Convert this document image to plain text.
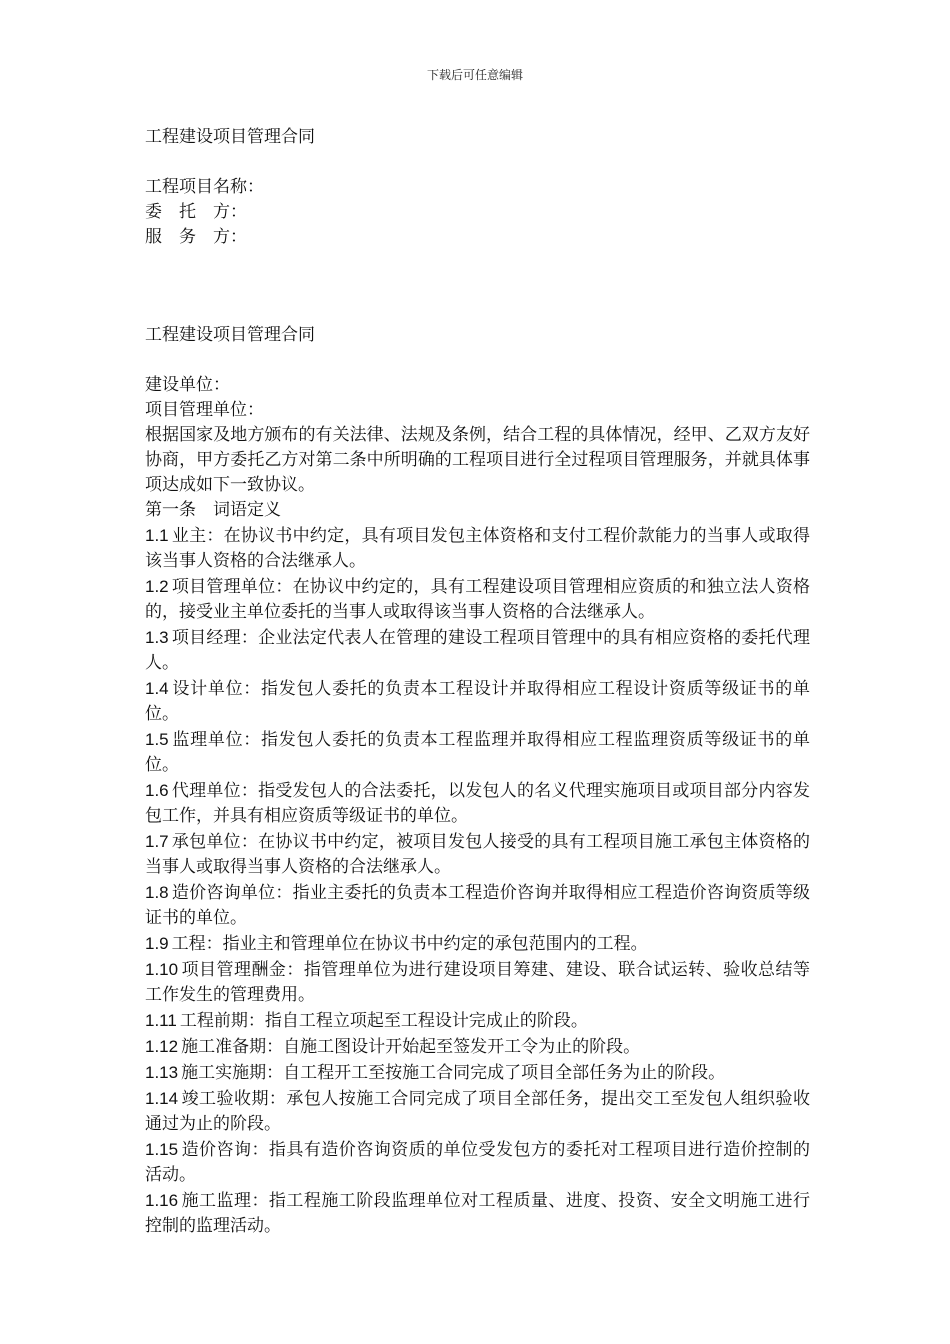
下载后可任意编辑
工程建设项目管理合同
工程项目名称：
委　托　方：
服　务　方：
工程建设项目管理合同
建设单位：
项目管理单位：
根据国家及地方颁布的有关法律、法规及条例，结合工程的具体情况，经甲、乙双方友好协商，甲方委托乙方对第二条中所明确的工程项目进行全过程项目管理服务，并就具体事项达成如下一致协议。
第一条　词语定义
1.1 业主：在协议书中约定，具有项目发包主体资格和支付工程价款能力的当事人或取得该当事人资格的合法继承人。
1.2 项目管理单位：在协议中约定的，具有工程建设项目管理相应资质的和独立法人资格的，接受业主单位委托的当事人或取得该当事人资格的合法继承人。
1.3 项目经理：企业法定代表人在管理的建设工程项目管理中的具有相应资格的委托代理人。
1.4 设计单位：指发包人委托的负责本工程设计并取得相应工程设计资质等级证书的单位。
1.5 监理单位：指发包人委托的负责本工程监理并取得相应工程监理资质等级证书的单位。
1.6 代理单位：指受发包人的合法委托，以发包人的名义代理实施项目或项目部分内容发包工作，并具有相应资质等级证书的单位。
1.7 承包单位：在协议书中约定，被项目发包人接受的具有工程项目施工承包主体资格的当事人或取得当事人资格的合法继承人。
1.8 造价咨询单位：指业主委托的负责本工程造价咨询并取得相应工程造价咨询资质等级证书的单位。
1.9 工程：指业主和管理单位在协议书中约定的承包范围内的工程。
1.10 项目管理酬金：指管理单位为进行建设项目筹建、建设、联合试运转、验收总结等工作发生的管理费用。
1.11 工程前期：指自工程立项起至工程设计完成止的阶段。
1.12 施工准备期：自施工图设计开始起至签发开工令为止的阶段。
1.13 施工实施期：自工程开工至按施工合同完成了项目全部任务为止的阶段。
1.14 竣工验收期：承包人按施工合同完成了项目全部任务，提出交工至发包人组织验收通过为止的阶段。
1.15 造价咨询：指具有造价咨询资质的单位受发包方的委托对工程项目进行造价控制的活动。
1.16 施工监理：指工程施工阶段监理单位对工程质量、进度、投资、安全文明施工进行控制的监理活动。
